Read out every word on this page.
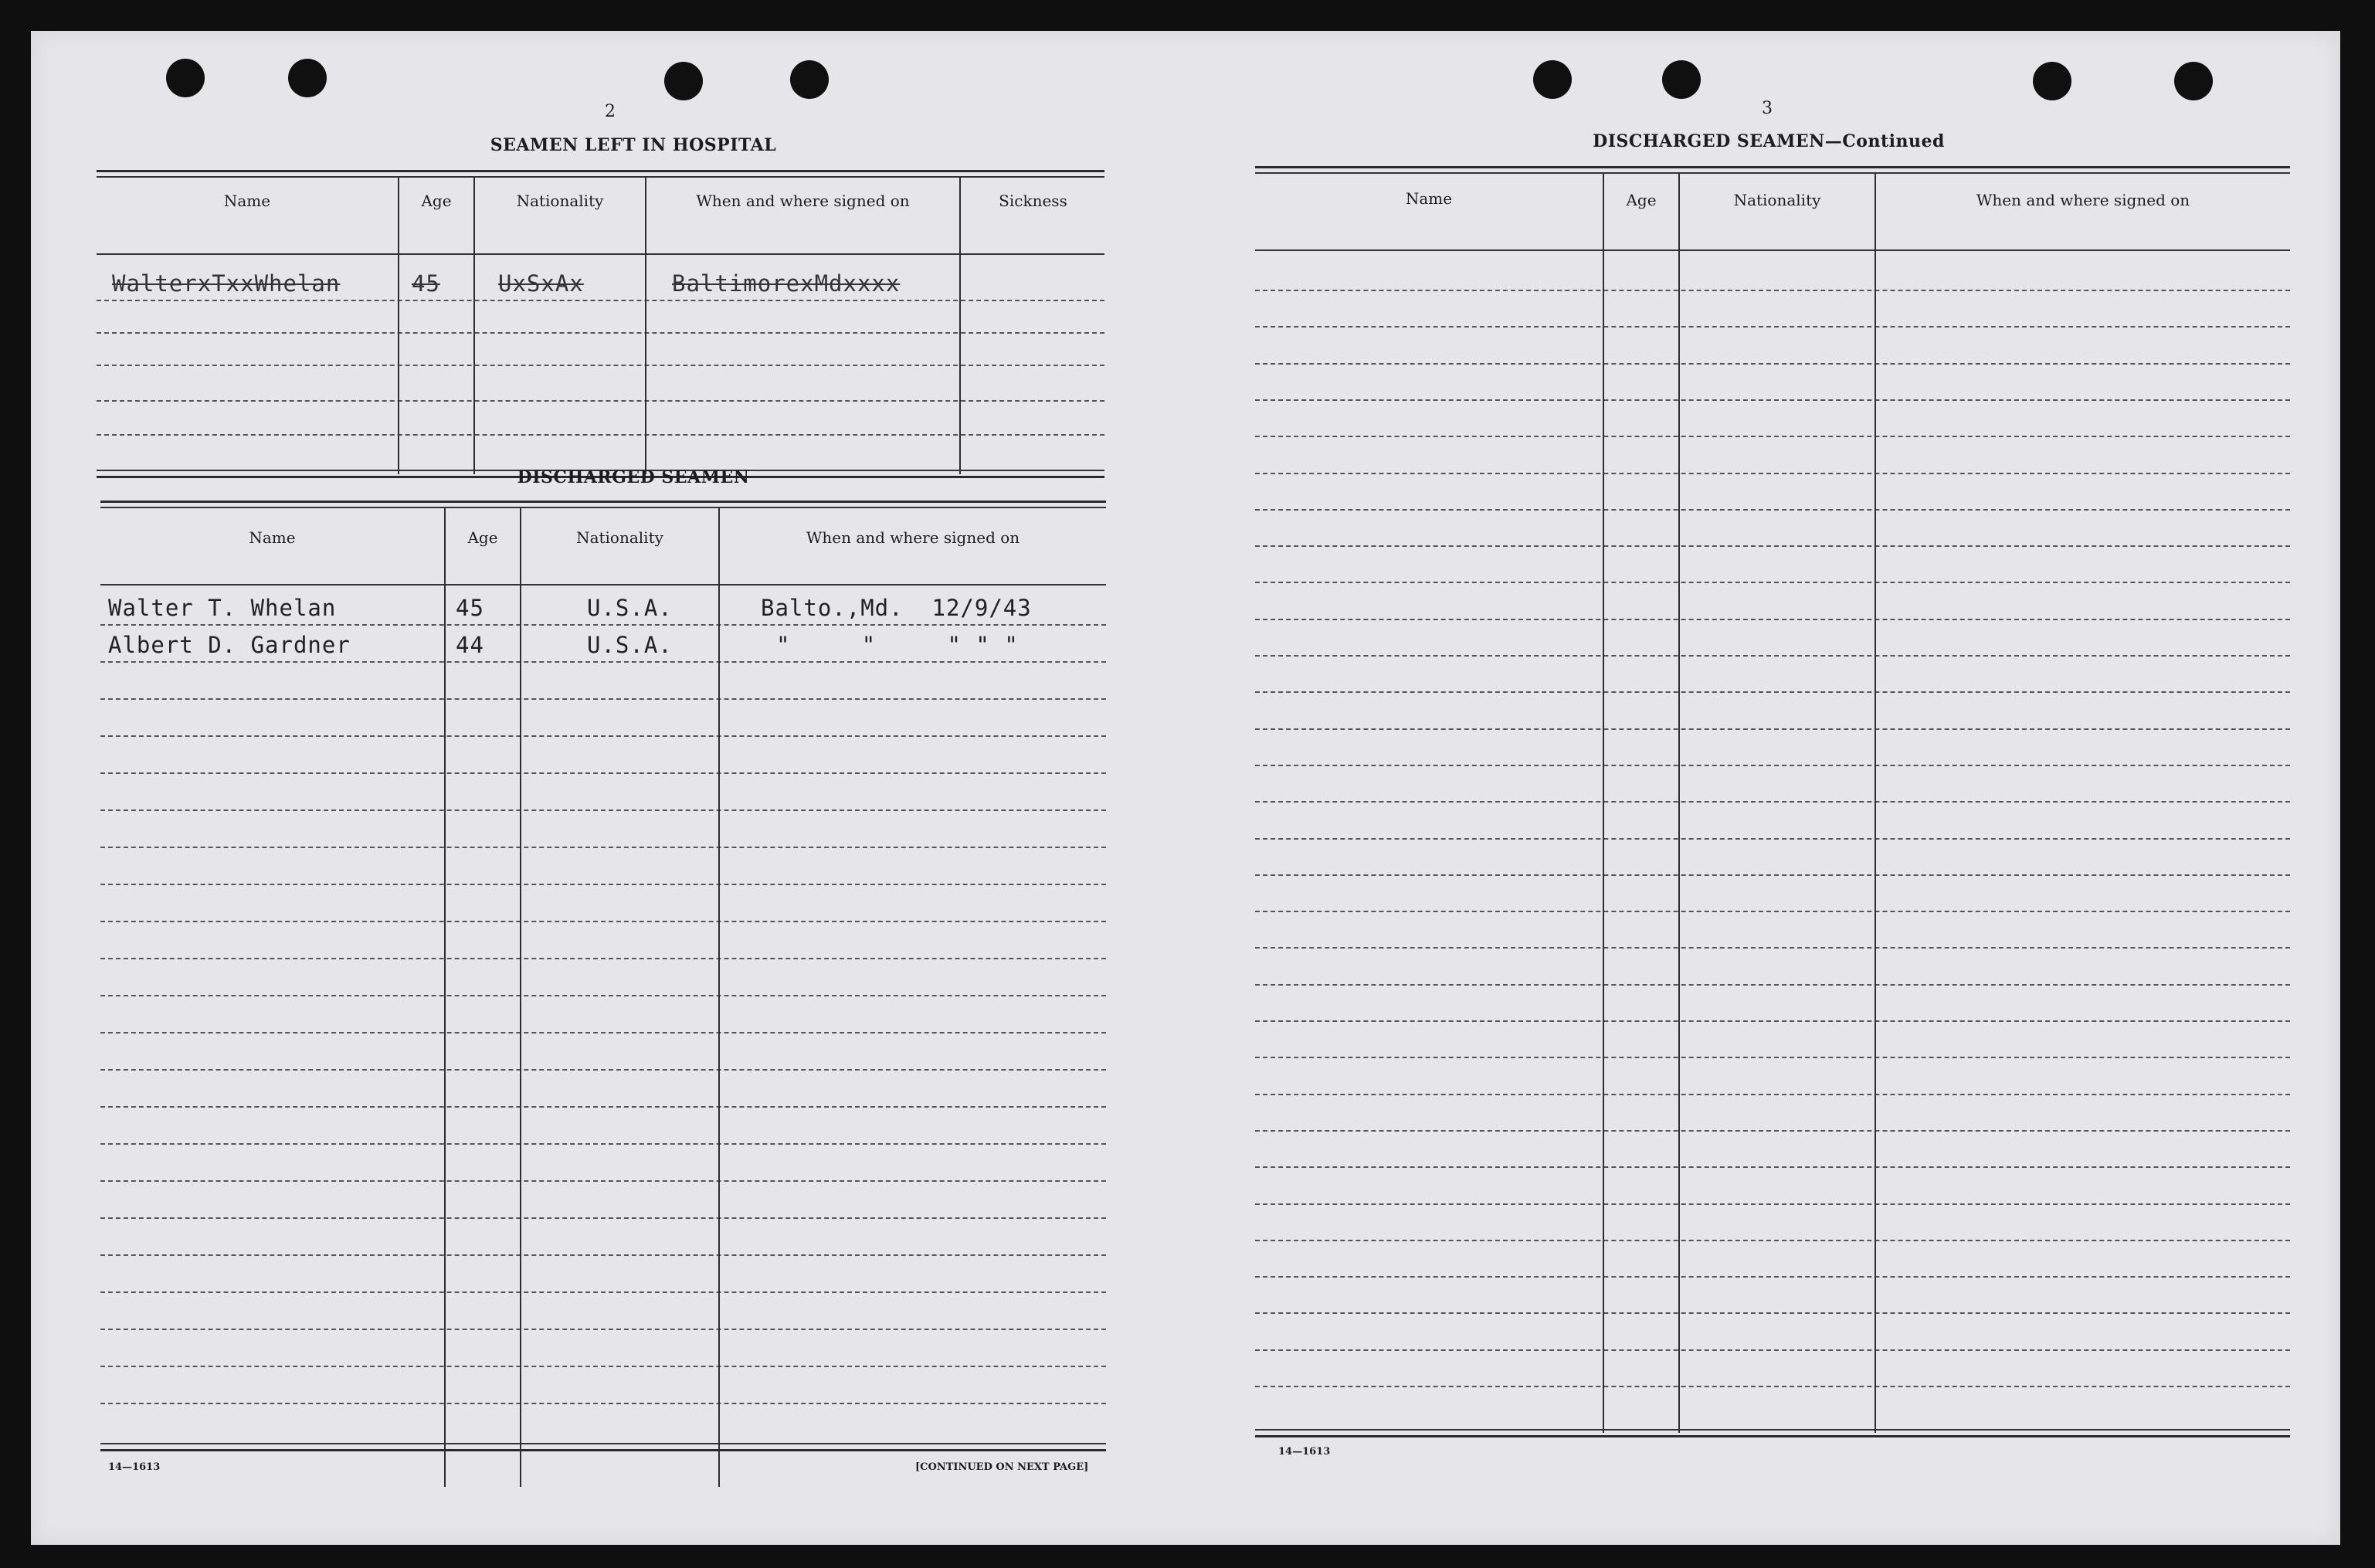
2
SEAMEN LEFT IN HOSPITAL
Name	Age	Nationality	When and where signed on	Sickness
WalterxTxxWhelan	45	UxSxAx	BaltimorexMdxxxx
DISCHARGED SEAMEN
Name	Age	Nationality	When and where signed on
Walter T. Whelan	45	U.S.A.	Balto.,Md.  12/9/43
Albert D. Gardner	44	U.S.A.	"     "     " " "
14—1613	[CONTINUED ON NEXT PAGE]
3
DISCHARGED SEAMEN—Continued
Name	Age	Nationality	When and where signed on
14—1613
